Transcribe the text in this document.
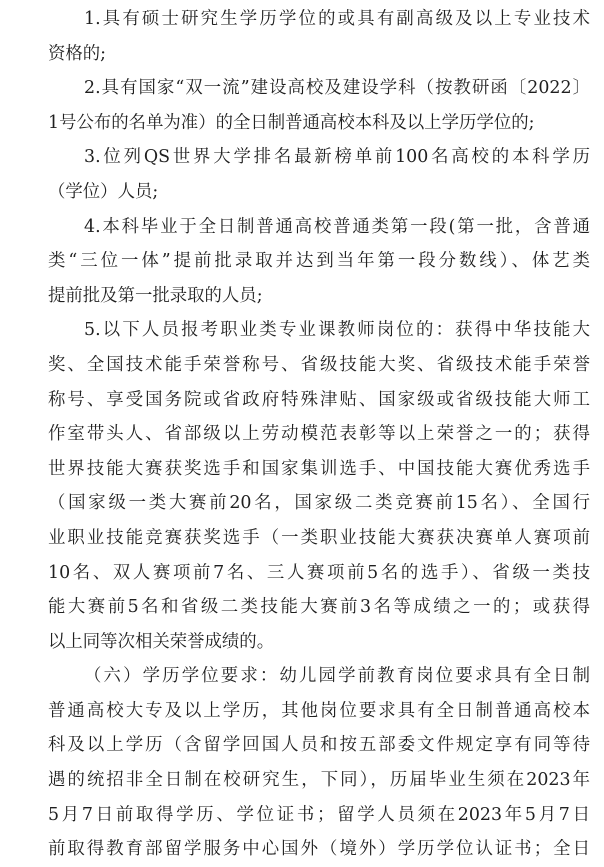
1.具有硕士研究生学历学位的或具有副高级及以上专业技术
资格的;
2.具有国家“双一流”建设高校及建设学科（按教研函〔2022〕
1号公布的名单为准）的全日制普通高校本科及以上学历学位的;
3.位列QS世界大学排名最新榜单前100名高校的本科学历
（学位）人员;
4.本科毕业于全日制普通高校普通类第一段(第一批，含普通
类“三位一体”提前批录取并达到当年第一段分数线）、体艺类
提前批及第一批录取的人员;
5.以下人员报考职业类专业课教师岗位的：获得中华技能大
奖、全国技术能手荣誉称号、省级技能大奖、省级技术能手荣誉
称号、享受国务院或省政府特殊津贴、国家级或省级技能大师工
作室带头人、省部级以上劳动模范表彰等以上荣誉之一的；获得
世界技能大赛获奖选手和国家集训选手、中国技能大赛优秀选手
（国家级一类大赛前20名，国家级二类竞赛前15名）、全国行
业职业技能竞赛获奖选手（一类职业技能大赛获决赛单人赛项前
10名、双人赛项前7名、三人赛项前5名的选手）、省级一类技
能大赛前5名和省级二类技能大赛前3名等成绩之一的；或获得
以上同等次相关荣誉成绩的。
（六）学历学位要求：幼儿园学前教育岗位要求具有全日制
普通高校大专及以上学历，其他岗位要求具有全日制普通高校本
科及以上学历（含留学回国人员和按五部委文件规定享有同等待
遇的统招非全日制在校研究生，下同），历届毕业生须在2023年
5月7日前取得学历、学位证书；留学人员须在2023年5月7日
前取得教育部留学服务中心国外（境外）学历学位认证书；全日
